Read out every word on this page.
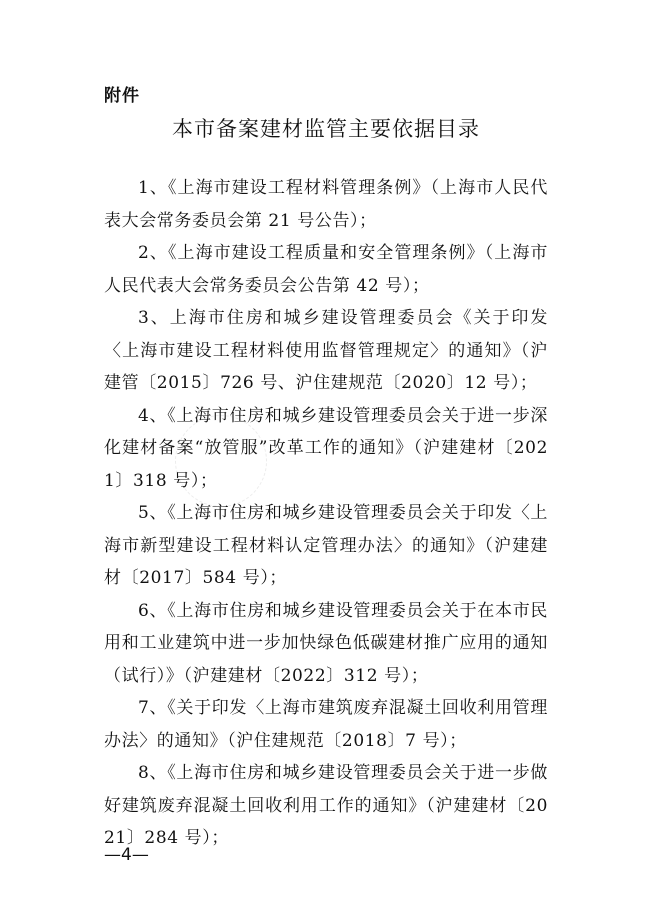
附件
本市备案建材监管主要依据目录

1、《上海市建设工程材料管理条例》（上海市人民代表大会常务委员会第 21 号公告）；

2、《上海市建设工程质量和安全管理条例》（上海市人民代表大会常务委员会公告第 42 号）；

3、上海市住房和城乡建设管理委员会《关于印发〈上海市建设工程材料使用监督管理规定〉的通知》（沪建管〔2015〕726 号、沪住建规范〔2020〕12 号）；

4、《上海市住房和城乡建设管理委员会关于进一步深化建材备案“放管服”改革工作的通知》（沪建建材〔2021〕318 号）；

5、《上海市住房和城乡建设管理委员会关于印发〈上海市新型建设工程材料认定管理办法〉的通知》（沪建建材〔2017〕584 号）；

6、《上海市住房和城乡建设管理委员会关于在本市民用和工业建筑中进一步加快绿色低碳建材推广应用的通知（试行）》（沪建建材〔2022〕312 号）；

7、《关于印发〈上海市建筑废弃混凝土回收利用管理办法〉的通知》（沪住建规范〔2018〕7 号）；

8、《上海市住房和城乡建设管理委员会关于进一步做好建筑废弃混凝土回收利用工作的通知》（沪建建材〔2021〕284 号）；

—4—
